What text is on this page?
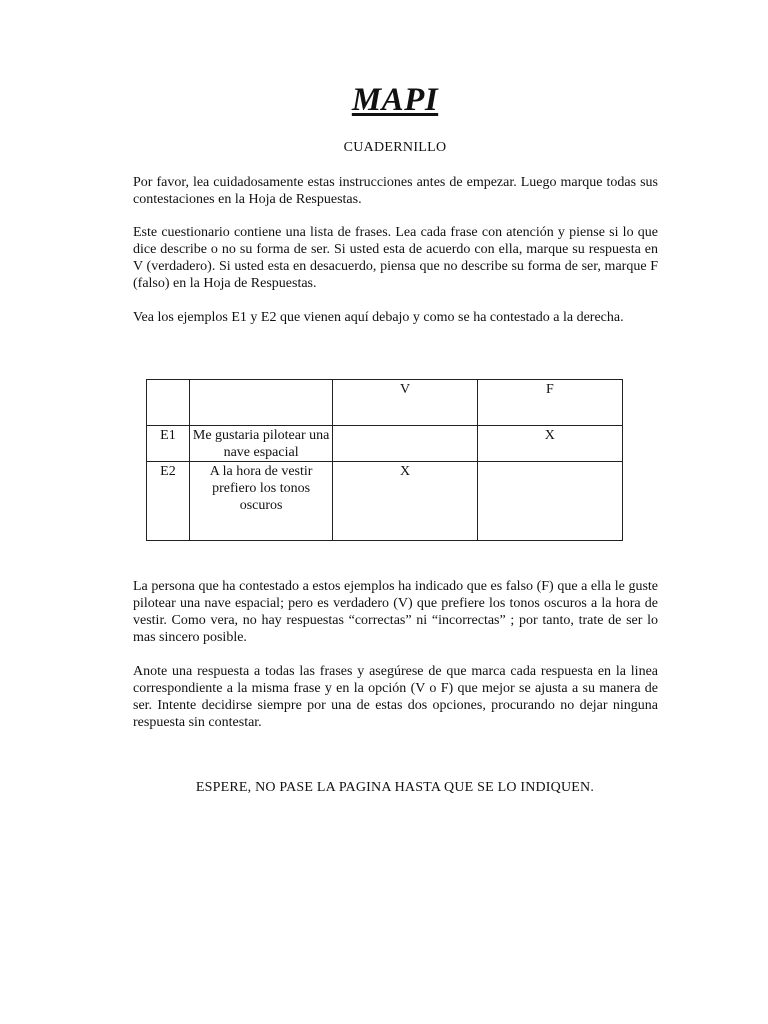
MAPI
CUADERNILLO

Por favor, lea cuidadosamente estas instrucciones antes de empezar. Luego marque todas sus contestaciones en la Hoja de Respuestas.

Este cuestionario contiene una lista de frases. Lea cada frase con atención y piense si lo que dice describe o no su forma de ser. Si usted esta de acuerdo con ella, marque su respuesta en V (verdadero). Si usted esta en desacuerdo, piensa que no describe su forma de ser, marque F (falso) en la Hoja de Respuestas.

Vea los ejemplos E1 y E2 que vienen aquí debajo y como se ha contestado a la derecha.

		V	F

E1	Me gustaria pilotear una nave espacial		X

E2	A la hora de vestir prefiero los tonos oscuros	X	

La persona que ha contestado a estos ejemplos ha indicado que es falso (F) que a ella le guste pilotear una nave espacial; pero es verdadero (V) que prefiere los tonos oscuros a la hora de vestir. Como vera, no hay respuestas “correctas” ni “incorrectas” ; por tanto, trate de ser lo mas sincero posible.

Anote una respuesta a todas las frases y asegúrese de que marca cada respuesta en la linea correspondiente a la misma frase y en la opción (V o F) que mejor se ajusta a su manera de ser. Intente decidirse siempre por una de estas dos opciones, procurando no dejar ninguna respuesta sin contestar.

ESPERE, NO PASE LA PAGINA HASTA QUE SE LO INDIQUEN.
